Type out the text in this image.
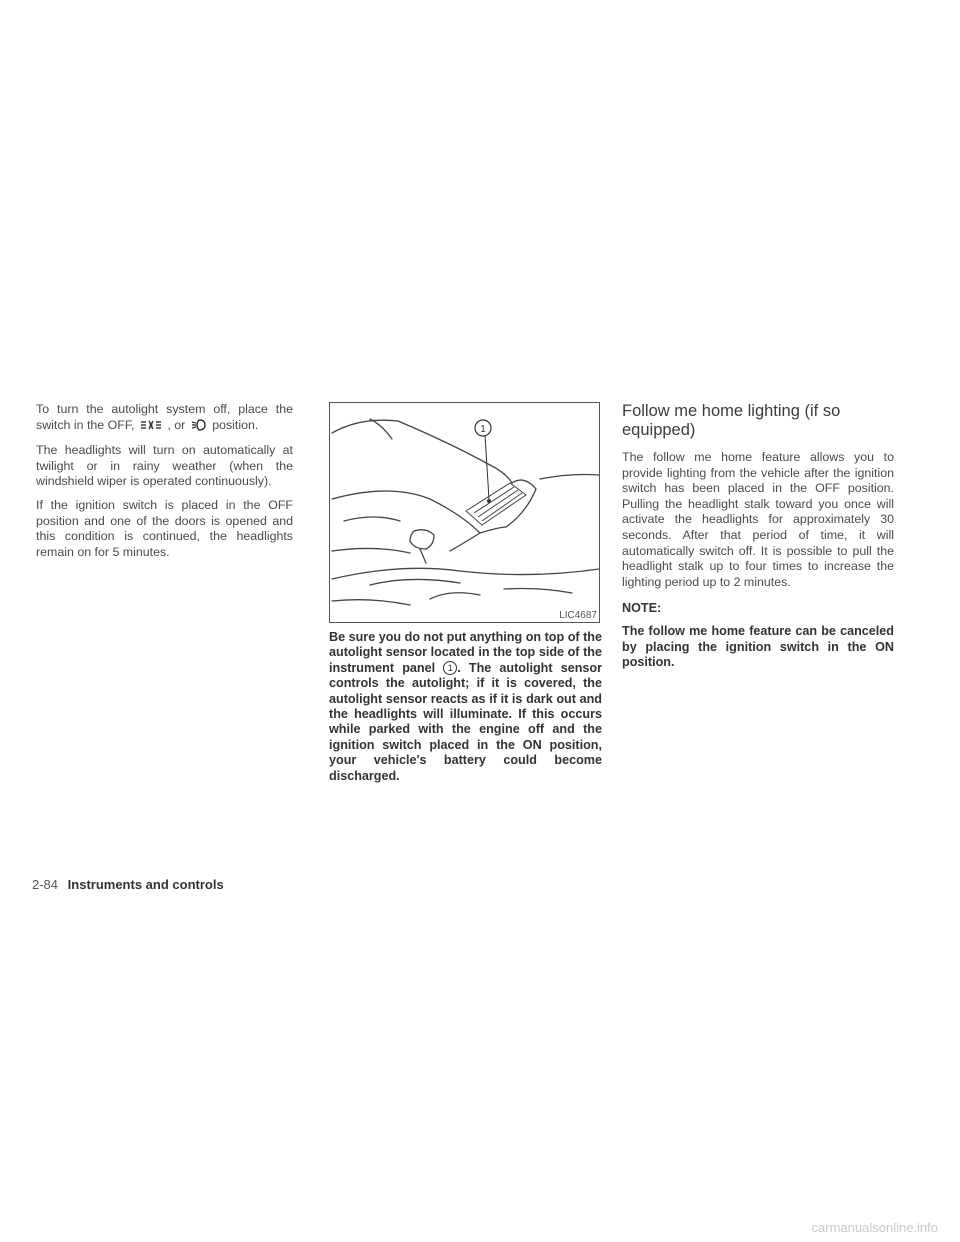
To turn the autolight system off, place the switch in the OFF,	, or position.

The headlights will turn on automatically at twilight or in rainy weather (when the windshield wiper is operated continuously).

If the ignition switch is placed in the OFF position and one of the doors is opened and this condition is continued, the headlights remain on for 5 minutes.

1
LIC4687
Be sure you do not put anything on top of the autolight sensor located in the top side of the instrument panel 1 . The autolight sensor controls the autolight; if it is covered, the autolight sensor reacts as if it is dark out and the headlights will illuminate. If this occurs while parked with the engine off and the ignition switch placed in the ON position, your vehicle's battery could become discharged.
Follow me home lighting (if so equipped)

The follow me home feature allows you to provide lighting from the vehicle after the ignition switch has been placed in the OFF position. Pulling the headlight stalk toward you once will activate the headlights for approximately 30 seconds. After that period of time, it will automatically switch off. It is possible to pull the headlight stalk up to four times to increase the lighting period up to 2 minutes.

NOTE:

The follow me home feature can be canceled by placing the ignition switch in the ON position.

2-84 Instruments and controls
carmanualsonline.info
